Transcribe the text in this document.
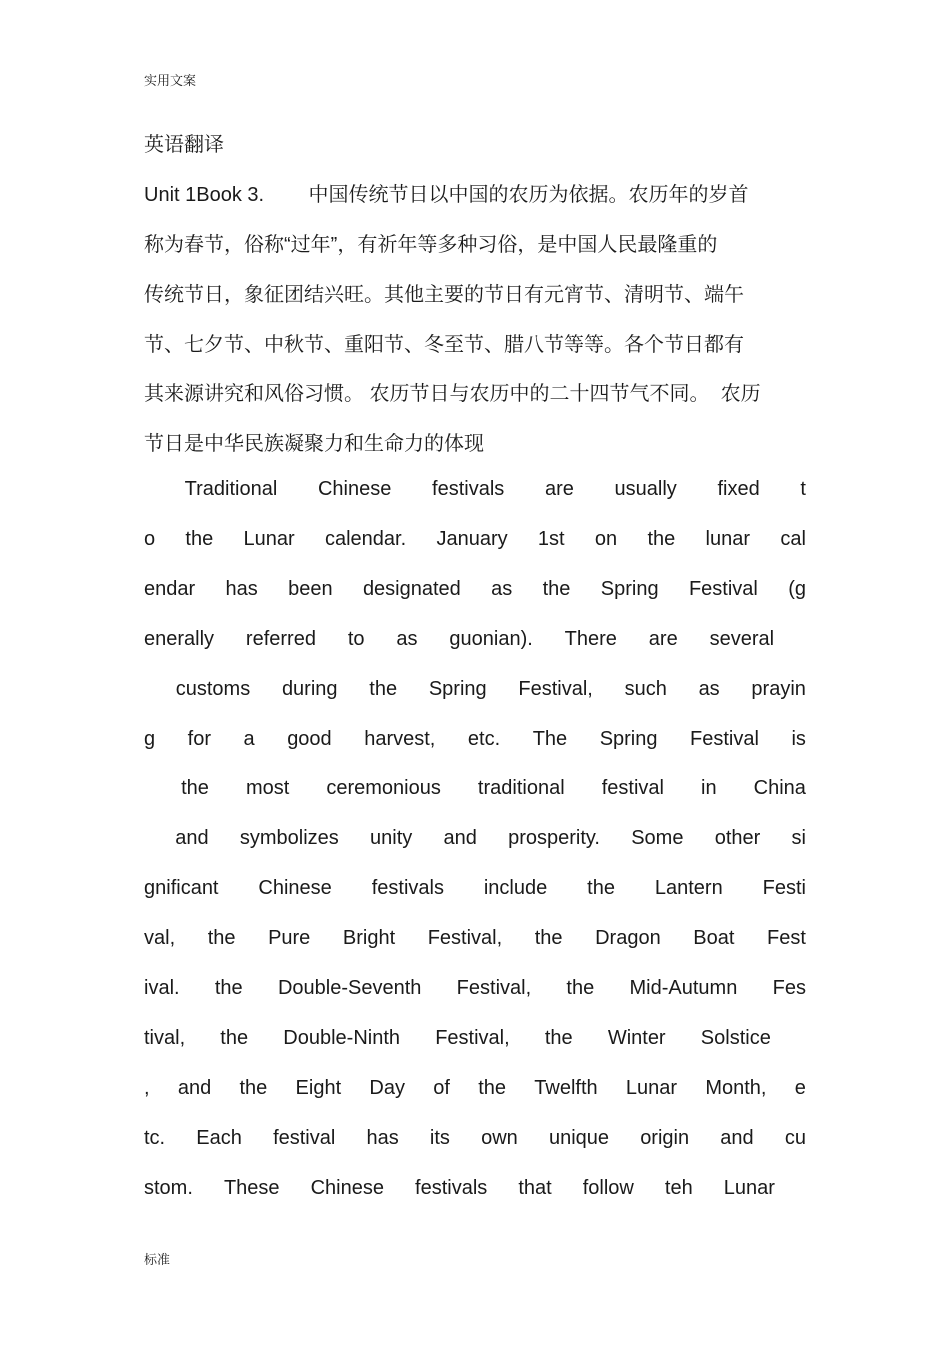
实用文案
英语翻译
Unit 1Book 3.        中国传统节日以中国的农历为依据。农历年的岁首
称为春节，俗称“过年”，有祈年等多种习俗，是中国人民最隆重的
传统节日，象征团结兴旺。其他主要的节日有元宵节、清明节、端午
节、七夕节、中秋节、重阳节、冬至节、腊八节等等。各个节日都有
其来源讲究和风俗习惯。 农历节日与农历中的二十四节气不同。  农历
节日是中华民族凝聚力和生命力的体现
Traditional Chinese festivals are usually fixed t
o the Lunar calendar. January 1st on the lunar cal
endar has been designated as the Spring Festival (g
enerally referred to as guonian). There are several
customs during the Spring Festival, such as prayin
g for a good harvest, etc. The Spring Festival is
the most ceremonious traditional festival in China
and symbolizes unity and prosperity. Some other si
gnificant Chinese festivals include the Lantern Festi
val, the Pure Bright Festival, the Dragon Boat Fest
ival. the Double-Seventh Festival, the Mid-Autumn Fes
tival, the Double-Ninth Festival, the Winter Solstice
, and the Eight Day of the Twelfth Lunar Month, e
tc. Each festival has its own unique origin and cu
stom. These Chinese festivals that follow teh Lunar
标准
